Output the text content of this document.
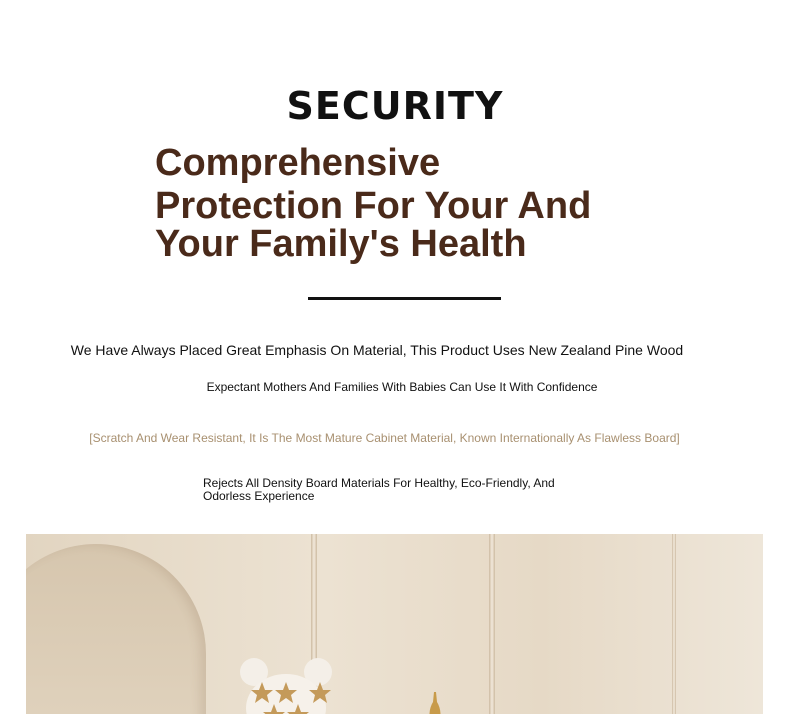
SECURITY
Comprehensive
Protection For Your And
Your Family's Health

We Have Always Placed Great Emphasis On Material, This Product Uses New Zealand Pine Wood

Expectant Mothers And Families With Babies Can Use It With Confidence

[Scratch And Wear Resistant, It Is The Most Mature Cabinet Material, Known Internationally As Flawless Board]

Rejects All Density Board Materials For Healthy, Eco-Friendly, And Odorless Experience
